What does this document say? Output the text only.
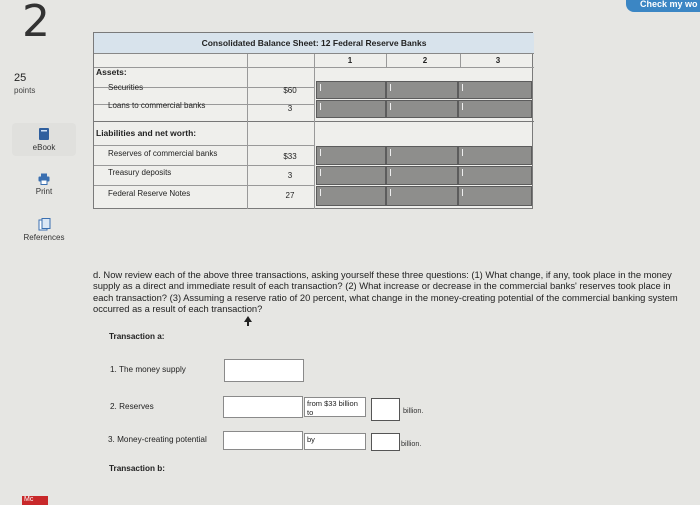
2
25
points
eBook
Print
References
Check my wo
Consolidated Balance Sheet: 12 Federal Reserve Banks
1	2	3
Assets:
Securities	$60
Loans to commercial banks	3
Liabilities and net worth:
Reserves of commercial banks	$33
Treasury deposits	3
Federal Reserve Notes	27
d. Now review each of the above three transactions, asking yourself these three questions: (1) What change, if any, took place in the money supply as a direct and immediate result of each transaction? (2) What increase or decrease in the commercial banks' reserves took place in each transaction? (3) Assuming a reserve ratio of 20 percent, what change in the money-creating potential of the commercial banking system occurred as a result of each transaction?
Transaction a:
1. The money supply
2. Reserves	from $33 billion to	billion.
3. Money-creating potential	by	billion.
Transaction b:
Mc
